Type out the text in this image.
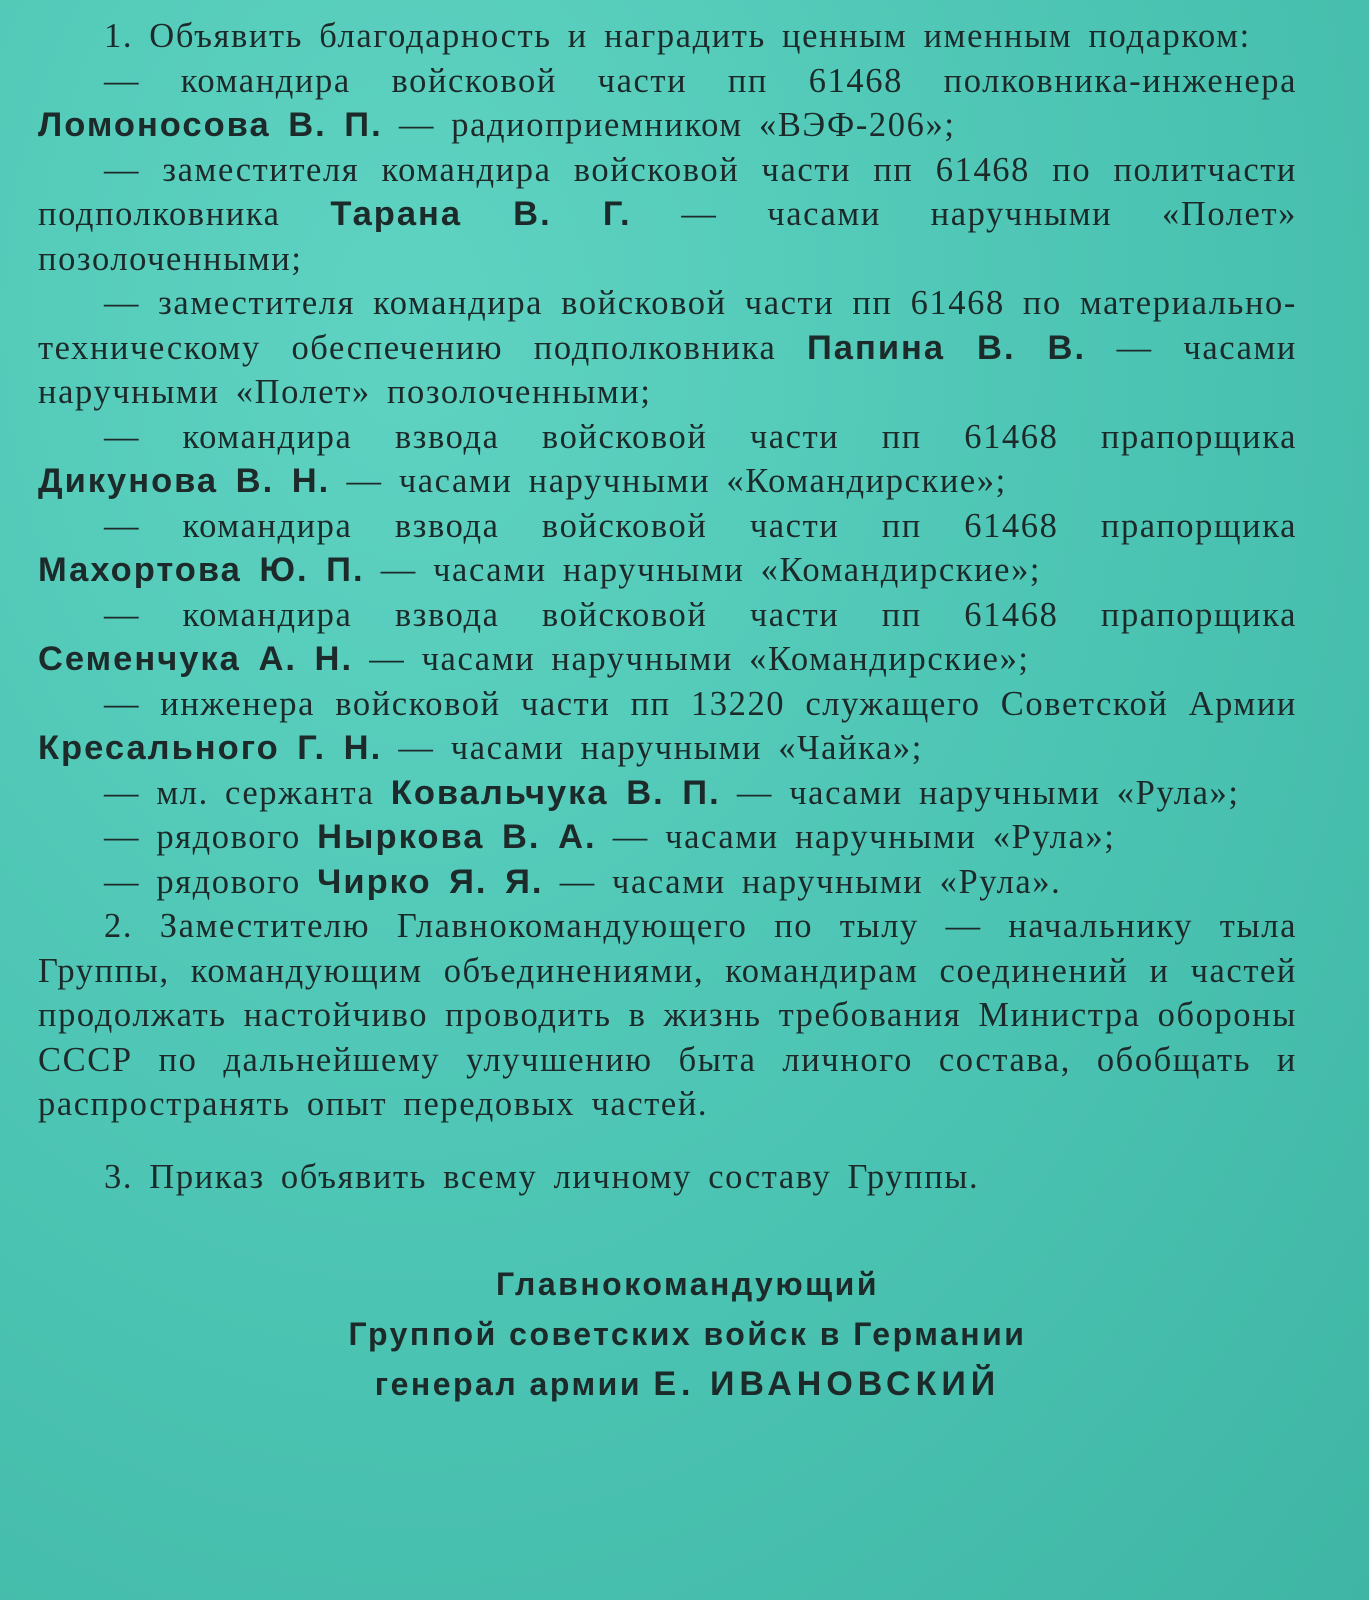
1. Объявить благодарность и наградить ценным именным подарком:

— командира войсковой части пп 61468 полковника-инженера Ломоносова В. П. — радиоприемником «ВЭФ-206»;

— заместителя командира войсковой части пп 61468 по политчасти подполковника Тарана В. Г. — часами наручными «Полет» позолоченными;

— заместителя командира войсковой части пп 61468 по материально-техническому обеспечению подполковника Папина В. В. — часами наручными «Полет» позолоченными;

— командира взвода войсковой части пп 61468 прапорщика Дикунова В. Н. — часами наручными «Командирские»;

— командира взвода войсковой части пп 61468 прапорщика Махортова Ю. П. — часами наручными «Командирские»;

— командира взвода войсковой части пп 61468 прапорщика Семенчука А. Н. — часами наручными «Командирские»;

— инженера войсковой части пп 13220 служащего Советской Армии Кресального Г. Н. — часами наручными «Чайка»;

— мл. сержанта Ковальчука В. П. — часами наручными «Рула»;

— рядового Ныркова В. А. — часами наручными «Рула»;

— рядового Чирко Я. Я. — часами наручными «Рула».

2. Заместителю Главнокомандующего по тылу — начальнику тыла Группы, командующим объединениями, командирам соединений и частей продолжать настойчиво проводить в жизнь требования Министра обороны СССР по дальнейшему улучшению быта личного состава, обобщать и распространять опыт передовых частей.

3. Приказ объявить всему личному составу Группы.

Главнокомандующий
Группой советских войск в Германии
генерал армии Е. ИВАНОВСКИЙ
